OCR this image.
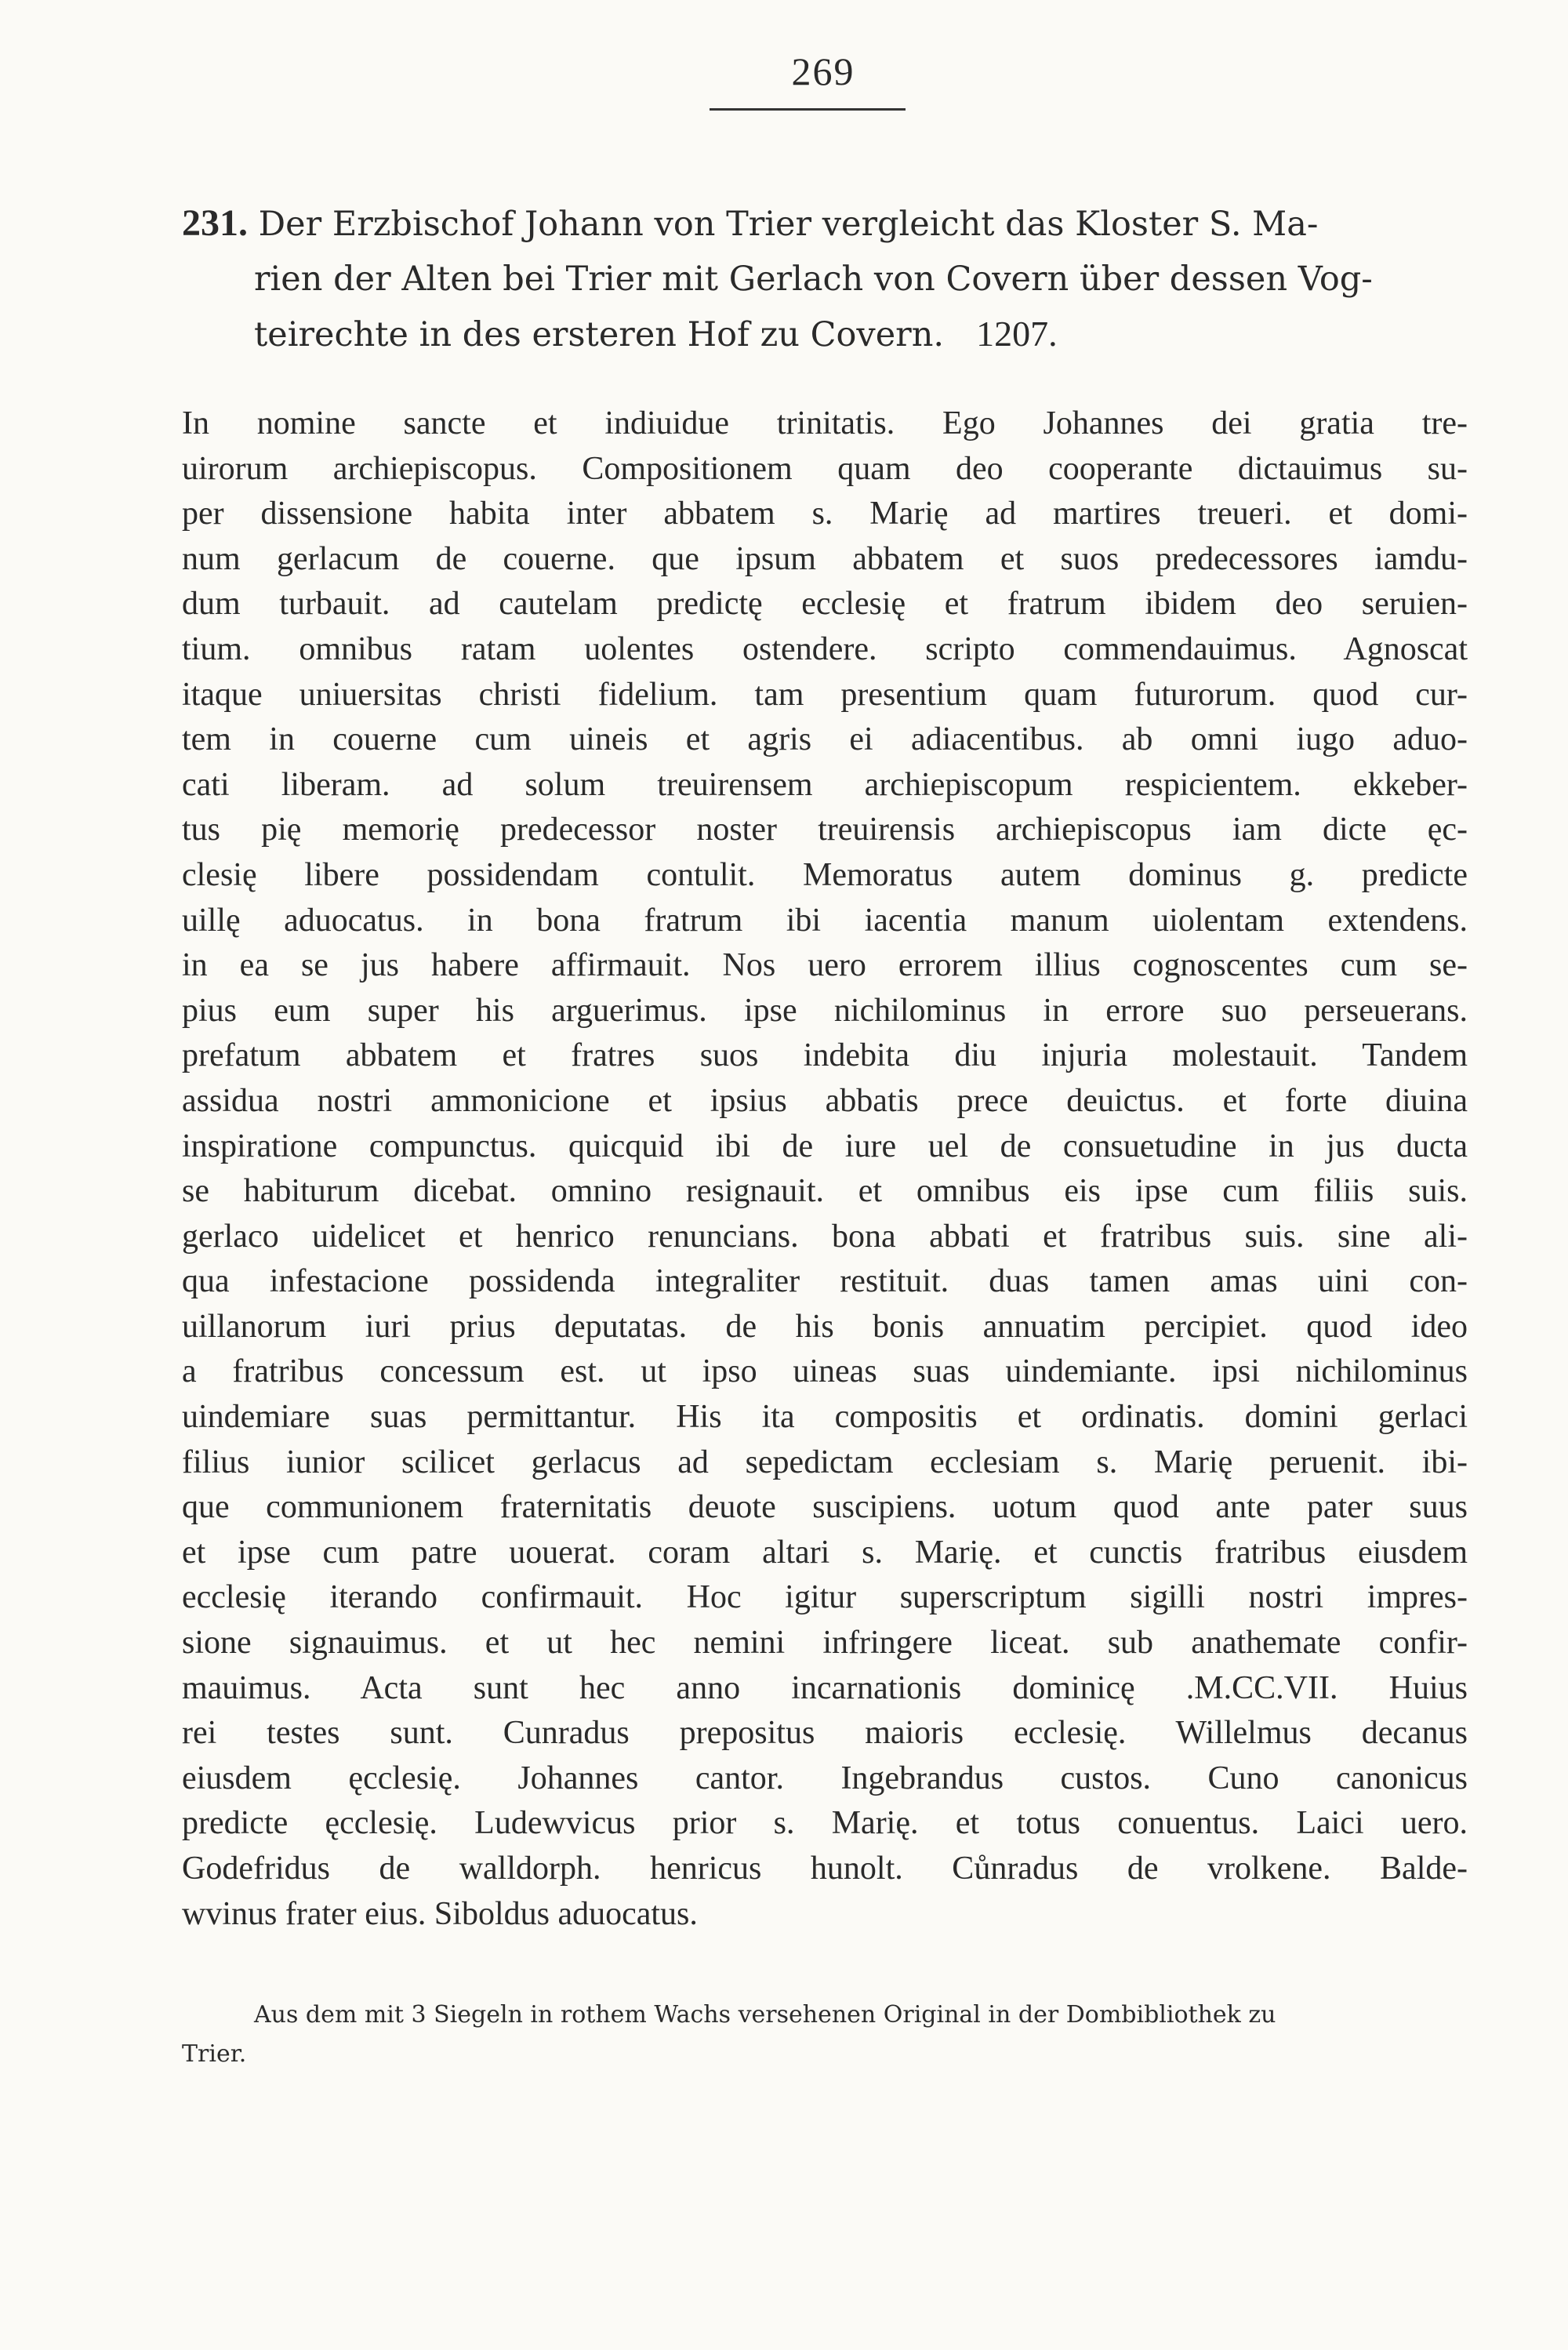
269
231. Der Erzbischof Johann von Trier vergleicht das Kloster S. Ma-
rien der Alten bei Trier mit Gerlach von Covern über dessen Vog-
teirechte in des ersteren Hof zu Covern. 1207.
In nomine sancte et indiuidue trinitatis. Ego Johannes dei gratia tre-
uirorum archiepiscopus. Compositionem quam deo cooperante dictauimus su-
per dissensione habita inter abbatem s. Marię ad martires treueri. et domi-
num gerlacum de couerne. que ipsum abbatem et suos predecessores iamdu-
dum turbauit. ad cautelam predictę ecclesię et fratrum ibidem deo seruien-
tium. omnibus ratam uolentes ostendere. scripto commendauimus. Agnoscat
itaque uniuersitas christi fidelium. tam presentium quam futurorum. quod cur-
tem in couerne cum uineis et agris ei adiacentibus. ab omni iugo aduo-
cati liberam. ad solum treuirensem archiepiscopum respicientem. ekkeber-
tus pię memorię predecessor noster treuirensis archiepiscopus iam dicte ęc-
clesię libere possidendam contulit. Memoratus autem dominus g. predicte
uillę aduocatus. in bona fratrum ibi iacentia manum uiolentam extendens.
in ea se jus habere affirmauit. Nos uero errorem illius cognoscentes cum se-
pius eum super his arguerimus. ipse nichilominus in errore suo perseuerans.
prefatum abbatem et fratres suos indebita diu injuria molestauit. Tandem
assidua nostri ammonicione et ipsius abbatis prece deuictus. et forte diuina
inspiratione compunctus. quicquid ibi de iure uel de consuetudine in jus ducta
se habiturum dicebat. omnino resignauit. et omnibus eis ipse cum filiis suis.
gerlaco uidelicet et henrico renuncians. bona abbati et fratribus suis. sine ali-
qua infestacione possidenda integraliter restituit. duas tamen amas uini con-
uillanorum iuri prius deputatas. de his bonis annuatim percipiet. quod ideo
a fratribus concessum est. ut ipso uineas suas uindemiante. ipsi nichilominus
uindemiare suas permittantur. His ita compositis et ordinatis. domini gerlaci
filius iunior scilicet gerlacus ad sepedictam ecclesiam s. Marię peruenit. ibi-
que communionem fraternitatis deuote suscipiens. uotum quod ante pater suus
et ipse cum patre uouerat. coram altari s. Marię. et cunctis fratribus eiusdem
ecclesię iterando confirmauit. Hoc igitur superscriptum sigilli nostri impres-
sione signauimus. et ut hec nemini infringere liceat. sub anathemate confir-
mauimus. Acta sunt hec anno incarnationis dominicę .M.CC.VII. Huius
rei testes sunt. Cunradus prepositus maioris ecclesię. Willelmus decanus
eiusdem ęcclesię. Johannes cantor. Ingebrandus custos. Cuno canonicus
predicte ęcclesię. Ludewvicus prior s. Marię. et totus conuentus. Laici uero.
Godefridus de walldorph. henricus hunolt. Cůnradus de vrolkene. Balde-
wvinus frater eius. Siboldus aduocatus.
Aus dem mit 3 Siegeln in rothem Wachs versehenen Original in der Dombibliothek zu
Trier.
